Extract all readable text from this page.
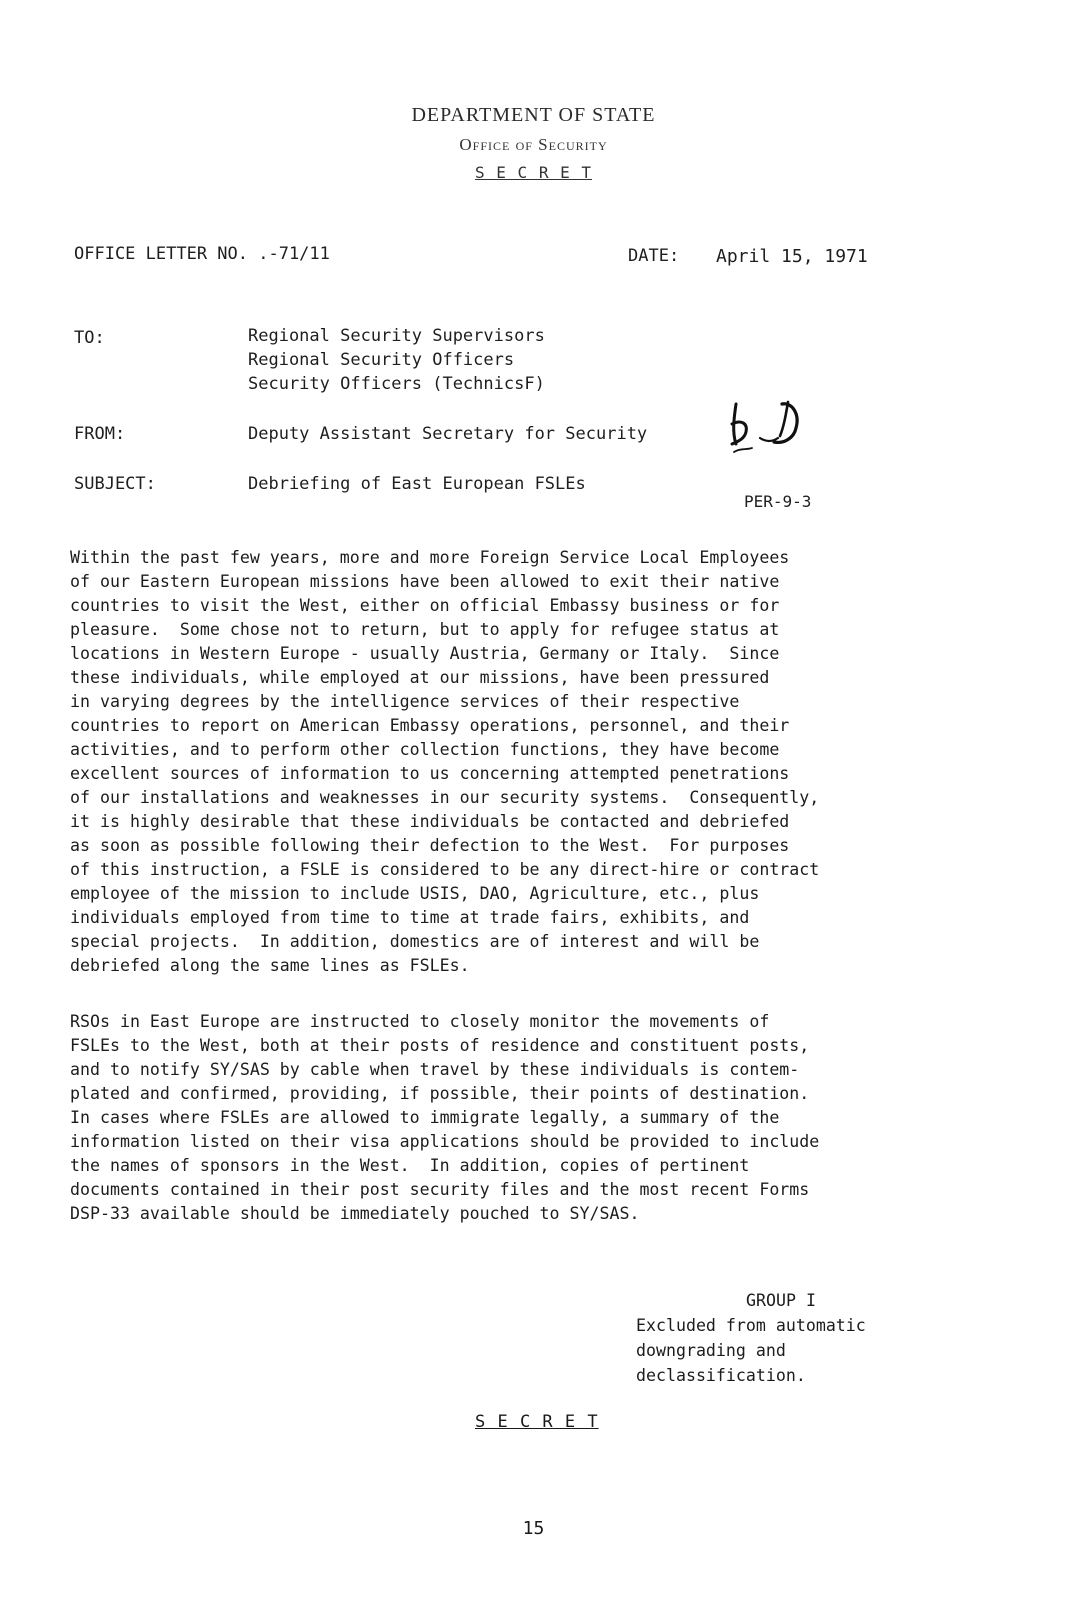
DEPARTMENT OF STATE
Office of Security
S E C R E T
OFFICE LETTER NO. .-71/11	DATE: April 15, 1971
TO:	Regional Security Supervisors
Regional Security Officers
Security Officers (TechnicsF)
FROM:	Deputy Assistant Secretary for Security
SUBJECT:	Debriefing of East European FSLEs
PER-9-3
Within the past few years, more and more Foreign Service Local Employees
of our Eastern European missions have been allowed to exit their native
countries to visit the West, either on official Embassy business or for
pleasure.  Some chose not to return, but to apply for refugee status at
locations in Western Europe - usually Austria, Germany or Italy.  Since
these individuals, while employed at our missions, have been pressured
in varying degrees by the intelligence services of their respective
countries to report on American Embassy operations, personnel, and their
activities, and to perform other collection functions, they have become
excellent sources of information to us concerning attempted penetrations
of our installations and weaknesses in our security systems.  Consequently,
it is highly desirable that these individuals be contacted and debriefed
as soon as possible following their defection to the West.  For purposes
of this instruction, a FSLE is considered to be any direct-hire or contract
employee of the mission to include USIS, DAO, Agriculture, etc., plus
individuals employed from time to time at trade fairs, exhibits, and
special projects.  In addition, domestics are of interest and will be
debriefed along the same lines as FSLEs.
RSOs in East Europe are instructed to closely monitor the movements of
FSLEs to the West, both at their posts of residence and constituent posts,
and to notify SY/SAS by cable when travel by these individuals is contem-
plated and confirmed, providing, if possible, their points of destination.
In cases where FSLEs are allowed to immigrate legally, a summary of the
information listed on their visa applications should be provided to include
the names of sponsors in the West.  In addition, copies of pertinent
documents contained in their post security files and the most recent Forms
DSP-33 available should be immediately pouched to SY/SAS.
GROUP I
Excluded from automatic
downgrading and
declassification.
S E C R E T
15
